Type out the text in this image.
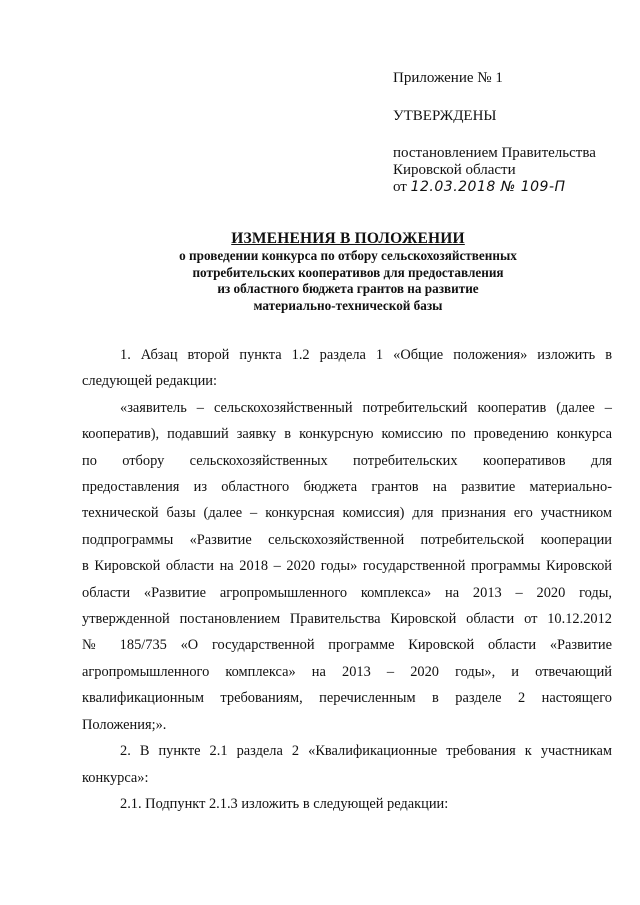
Приложение № 1
УТВЕРЖДЕНЫ
постановлением Правительства
Кировской области
от 12.03.2018 № 109-П
ИЗМЕНЕНИЯ В ПОЛОЖЕНИИ
о проведении конкурса по отбору сельскохозяйственных
потребительских кооперативов для предоставления
из областного бюджета грантов на развитие
материально-технической базы

1. Абзац второй пункта 1.2 раздела 1 «Общие положения» изложить в
следующей редакции:

«заявитель – сельскохозяйственный потребительский кооператив (далее –
кооператив), подавший заявку в конкурсную комиссию по проведению конкурса
по отбору сельскохозяйственных потребительских кооперативов для
предоставления из областного бюджета грантов на развитие материально-
технической базы (далее – конкурсная комиссия) для признания его участником
подпрограммы «Развитие сельскохозяйственной потребительской кооперации
в Кировской области на 2018 – 2020 годы» государственной программы Кировской
области «Развитие агропромышленного комплекса» на 2013 – 2020 годы,
утвержденной постановлением Правительства Кировской области от 10.12.2012
№ 185/735 «О государственной программе Кировской области «Развитие
агропромышленного комплекса» на 2013 – 2020 годы», и отвечающий
квалификационным требованиям, перечисленным в разделе 2 настоящего
Положения;».

2. В пункте 2.1 раздела 2 «Квалификационные требования к участникам
конкурса»:

2.1. Подпункт 2.1.3 изложить в следующей редакции:
